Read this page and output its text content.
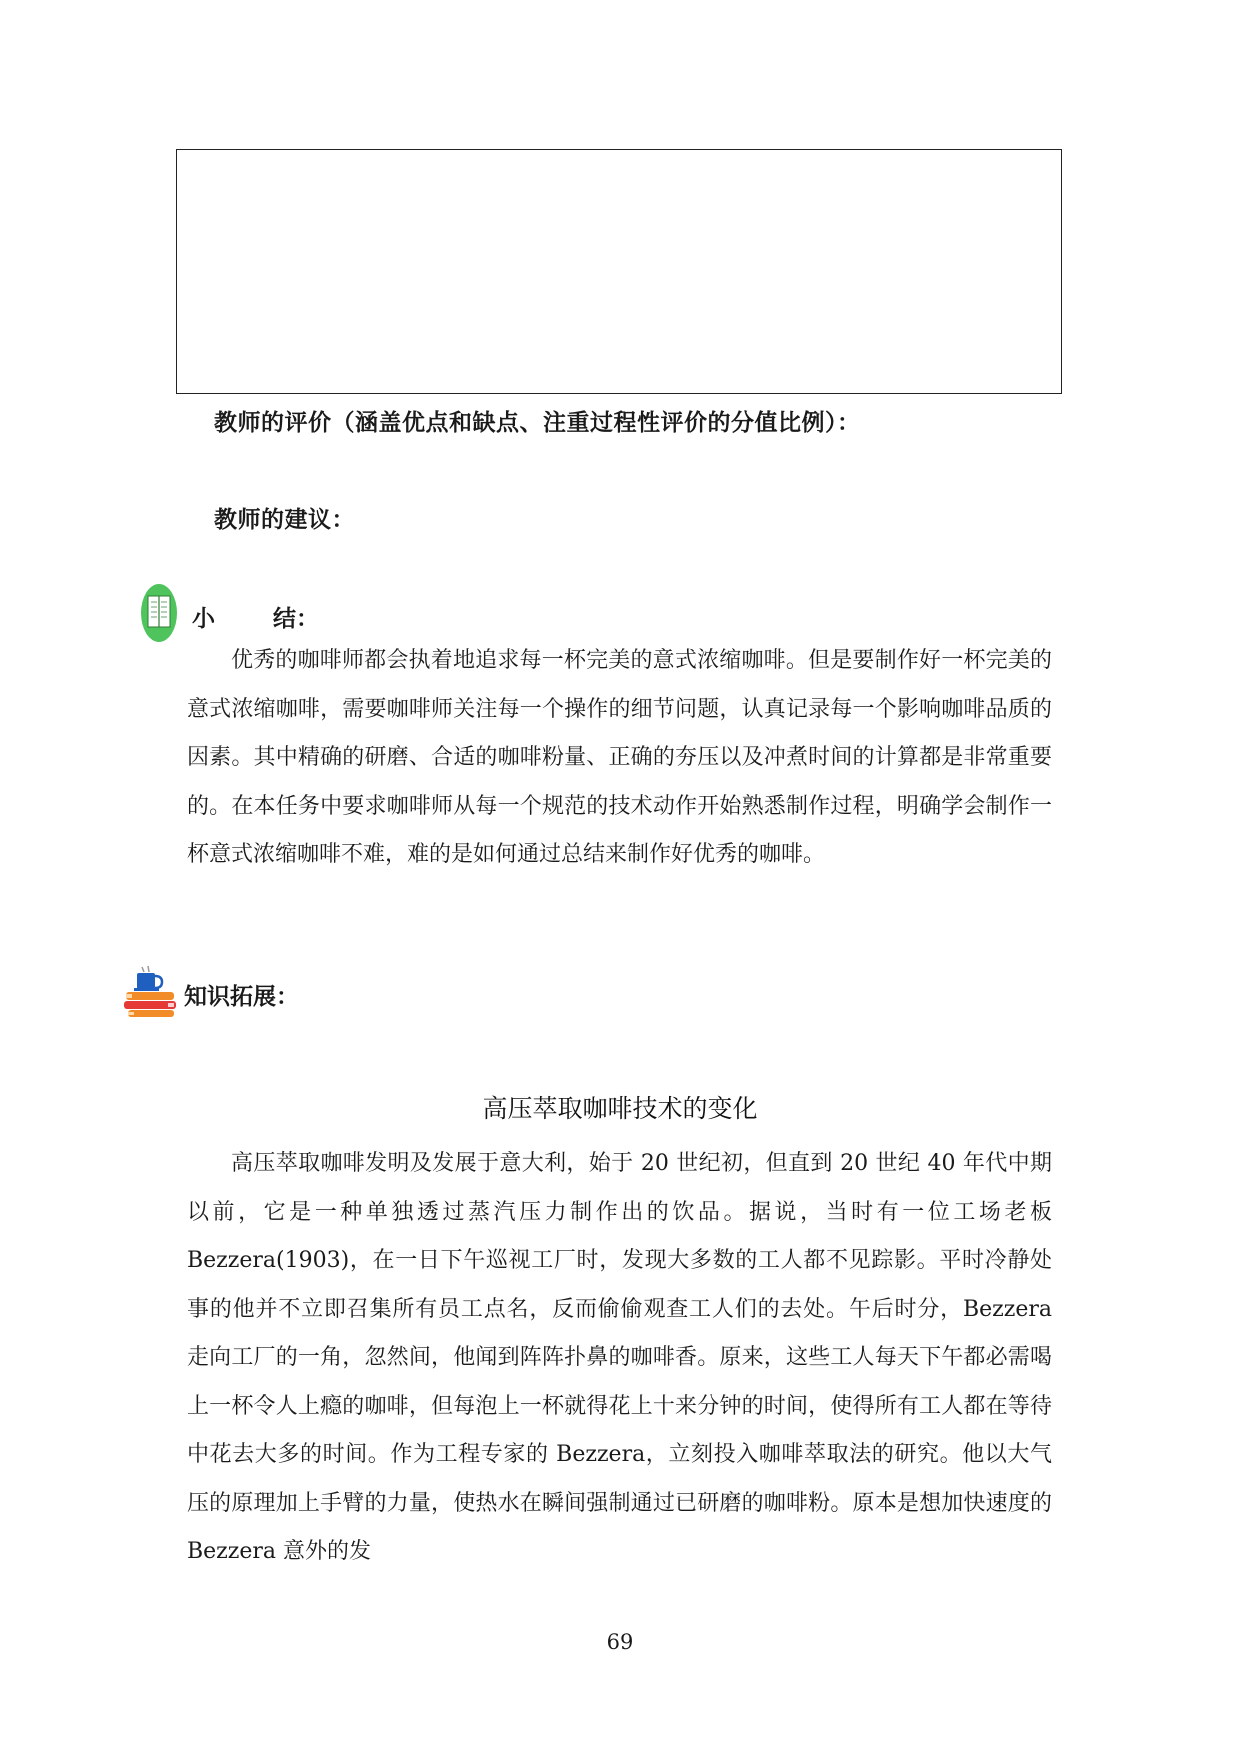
教师的评价（涵盖优点和缺点、注重过程性评价的分值比例）：
教师的建议：
小	结：
优秀的咖啡师都会执着地追求每一杯完美的意式浓缩咖啡。但是要制作好一杯完美的意式浓缩咖啡，需要咖啡师关注每一个操作的细节问题，认真记录每一个影响咖啡品质的因素。其中精确的研磨、合适的咖啡粉量、正确的夯压以及冲煮时间的计算都是非常重要的。在本任务中要求咖啡师从每一个规范的技术动作开始熟悉制作过程，明确学会制作一杯意式浓缩咖啡不难，难的是如何通过总结来制作好优秀的咖啡。
知识拓展：
高压萃取咖啡技术的变化
高压萃取咖啡发明及发展于意大利，始于 20 世纪初，但直到 20 世纪 40 年代中期以前，它是一种单独透过蒸汽压力制作出的饮品。据说，当时有一位工场老板 Bezzera(1903)，在一日下午巡视工厂时，发现大多数的工人都不见踪影。平时冷静处事的他并不立即召集所有员工点名，反而偷偷观查工人们的去处。午后时分，Bezzera 走向工厂的一角，忽然间，他闻到阵阵扑鼻的咖啡香。原来，这些工人每天下午都必需喝上一杯令人上瘾的咖啡，但每泡上一杯就得花上十来分钟的时间，使得所有工人都在等待中花去大多的时间。作为工程专家的 Bezzera，立刻投入咖啡萃取法的研究。他以大气压的原理加上手臂的力量，使热水在瞬间强制通过已研磨的咖啡粉。原本是想加快速度的 Bezzera 意外的发
69
